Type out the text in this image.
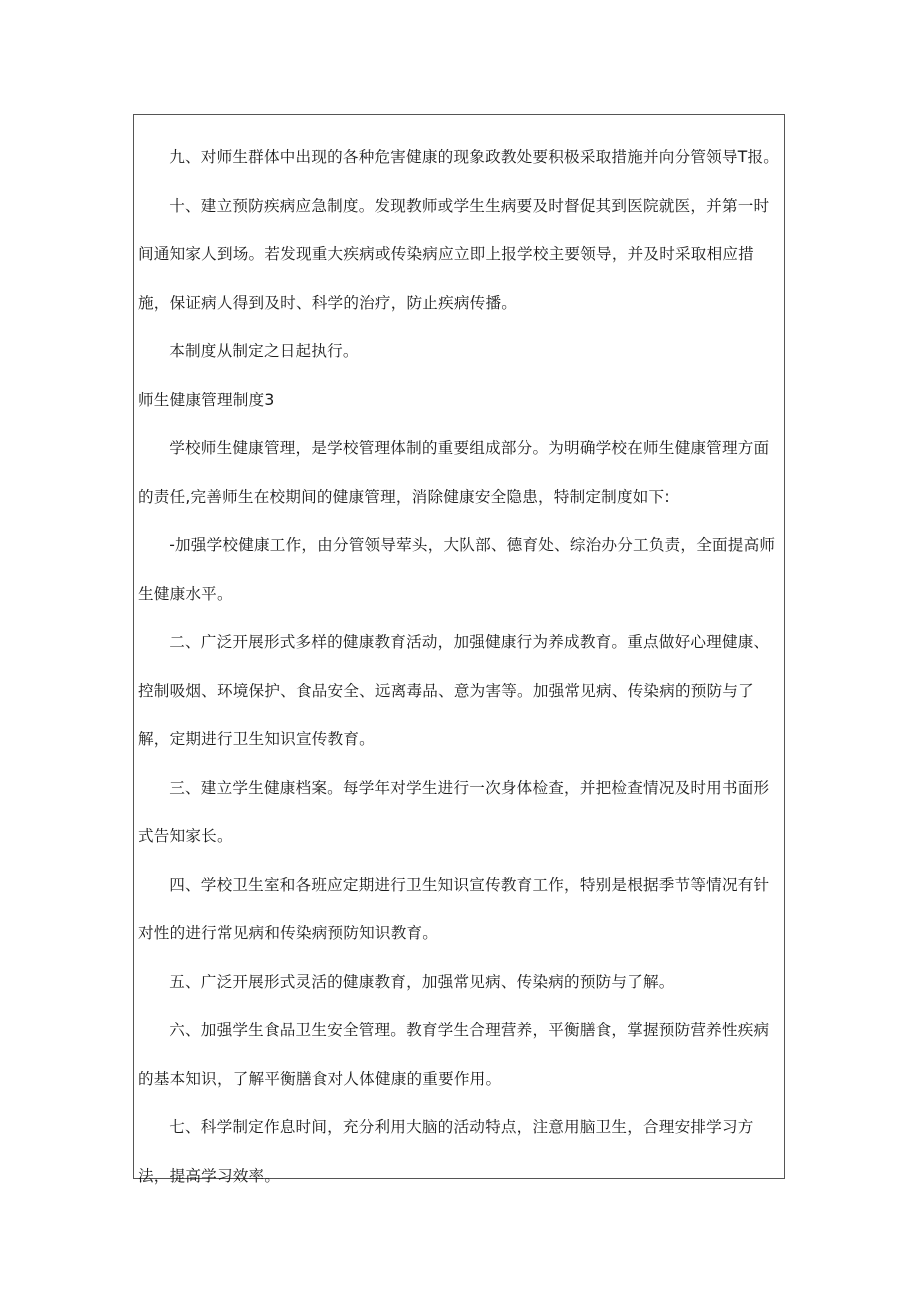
九、对师生群体中出现的各种危害健康的现象政教处要积极采取措施并向分管领导T报。

十、建立预防疾病应急制度。发现教师或学生生病要及时督促其到医院就医，并第一时间通知家人到场。若发现重大疾病或传染病应立即上报学校主要领导，并及时采取相应措施，保证病人得到及时、科学的治疗，防止疾病传播。

本制度从制定之日起执行。

师生健康管理制度3

学校师生健康管理，是学校管理体制的重要组成部分。为明确学校在师生健康管理方面的责任,完善师生在校期间的健康管理，消除健康安全隐患，特制定制度如下:

-加强学校健康工作，由分管领导荤头，大队部、德育处、综治办分工负责，全面提高师生健康水平。

二、广泛开展形式多样的健康教育活动，加强健康行为养成教育。重点做好心理健康、控制吸烟、环境保护、食品安全、远离毒品、意为害等。加强常见病、传染病的预防与了解，定期进行卫生知识宣传教育。

三、建立学生健康档案。每学年对学生进行一次身体检查，并把检查情况及时用书面形式告知家长。

四、学校卫生室和各班应定期进行卫生知识宣传教育工作，特别是根据季节等情况有针对性的进行常见病和传染病预防知识教育。

五、广泛开展形式灵活的健康教育，加强常见病、传染病的预防与了解。

六、加强学生食品卫生安全管理。教育学生合理营养，平衡膳食，掌握预防营养性疾病的基本知识，了解平衡膳食对人体健康的重要作用。

七、科学制定作息时间，充分利用大脑的活动特点，注意用脑卫生，合理安排学习方法，提高学习效率。
